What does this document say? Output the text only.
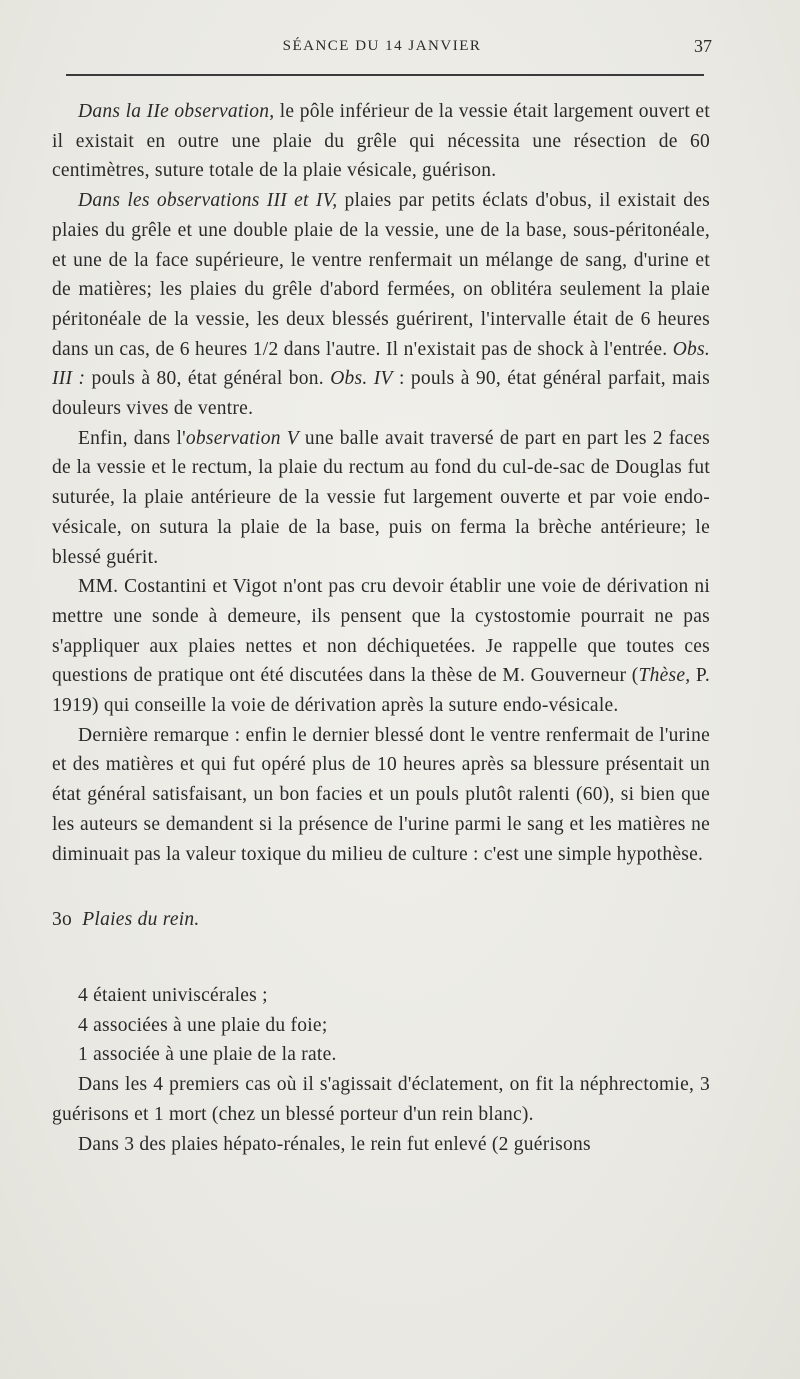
SÉANCE DU 14 JANVIER	37

Dans la IIe observation, le pôle inférieur de la vessie était largement ouvert et il existait en outre une plaie du grêle qui nécessita une résection de 60 centimètres, suture totale de la plaie vésicale, guérison.

Dans les observations III et IV, plaies par petits éclats d'obus, il existait des plaies du grêle et une double plaie de la vessie, une de la base, sous-péritonéale, et une de la face supérieure, le ventre renfermait un mélange de sang, d'urine et de matières; les plaies du grêle d'abord fermées, on oblitéra seulement la plaie péritonéale de la vessie, les deux blessés guérirent, l'intervalle était de 6 heures dans un cas, de 6 heures 1/2 dans l'autre. Il n'existait pas de shock à l'entrée. Obs. III : pouls à 80, état général bon. Obs. IV : pouls à 90, état général parfait, mais douleurs vives de ventre.

Enfin, dans l'observation V une balle avait traversé de part en part les 2 faces de la vessie et le rectum, la plaie du rectum au fond du cul-de-sac de Douglas fut suturée, la plaie antérieure de la vessie fut largement ouverte et par voie endo-vésicale, on sutura la plaie de la base, puis on ferma la brèche antérieure; le blessé guérit.

MM. Costantini et Vigot n'ont pas cru devoir établir une voie de dérivation ni mettre une sonde à demeure, ils pensent que la cystostomie pourrait ne pas s'appliquer aux plaies nettes et non déchiquetées. Je rappelle que toutes ces questions de pratique ont été discutées dans la thèse de M. Gouverneur (Thèse, P. 1919) qui conseille la voie de dérivation après la suture endo-vésicale.

Dernière remarque : enfin le dernier blessé dont le ventre renfermait de l'urine et des matières et qui fut opéré plus de 10 heures après sa blessure présentait un état général satisfaisant, un bon facies et un pouls plutôt ralenti (60), si bien que les auteurs se demandent si la présence de l'urine parmi le sang et les matières ne diminuait pas la valeur toxique du milieu de culture : c'est une simple hypothèse.

3o Plaies du rein.

4 étaient univiscérales ;

4 associées à une plaie du foie;

1 associée à une plaie de la rate.

Dans les 4 premiers cas où il s'agissait d'éclatement, on fit la néphrectomie, 3 guérisons et 1 mort (chez un blessé porteur d'un rein blanc).

Dans 3 des plaies hépato-rénales, le rein fut enlevé (2 guérisons
